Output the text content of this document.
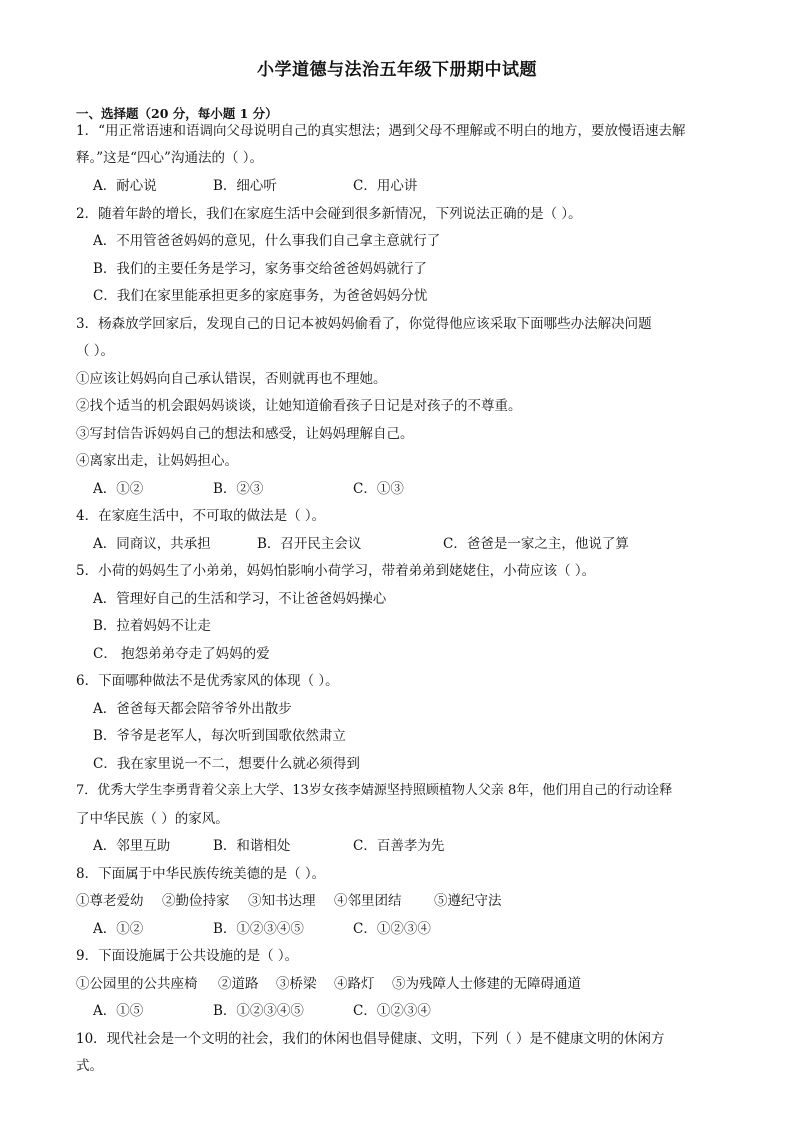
小学道德与法治五年级下册期中试题
一、选择题（20 分，每小题 1 分）
1．“用正常语速和语调向父母说明自己的真实想法；遇到父母不理解或不明白的地方，要放慢语速去解
释。”这是“四心”沟通法的（ ）。
A．耐心说	B．细心听	C．用心讲
2．随着年龄的增长，我们在家庭生活中会碰到很多新情况，下列说法正确的是（ ）。
A．不用管爸爸妈妈的意见，什么事我们自己拿主意就行了
B．我们的主要任务是学习，家务事交给爸爸妈妈就行了
C．我们在家里能承担更多的家庭事务，为爸爸妈妈分忧
3．杨森放学回家后，发现自己的日记本被妈妈偷看了，你觉得他应该采取下面哪些办法解决问题
（ ）。
①应该让妈妈向自己承认错误，否则就再也不理她。
②找个适当的机会跟妈妈谈谈，让她知道偷看孩子日记是对孩子的不尊重。
③写封信告诉妈妈自己的想法和感受，让妈妈理解自己。
④离家出走，让妈妈担心。
A．①②	B．②③	C．①③
4．在家庭生活中，不可取的做法是（ ）。
A．同商议，共承担	B．召开民主会议	C．爸爸是一家之主，他说了算
5．小荷的妈妈生了小弟弟，妈妈怕影响小荷学习，带着弟弟到姥姥住，小荷应该（ ）。
A．管理好自己的生活和学习，不让爸爸妈妈操心
B．拉着妈妈不让走
C． 抱怨弟弟夺走了妈妈的爱
6．下面哪种做法不是优秀家风的体现（ ）。
A．爸爸每天都会陪爷爷外出散步
B．爷爷是老军人，每次听到国歌依然肃立
C．我在家里说一不二，想要什么就必须得到
7．优秀大学生李勇背着父亲上大学、13岁女孩李婧源坚持照顾植物人父亲 8年，他们用自己的行动诠释
了中华民族（ ）的家风。
A．邻里互助	B．和谐相处	C．百善孝为先
8．下面属于中华民族传统美德的是（ ）。
①尊老爱幼 ②勤俭持家 ③知书达理 ④邻里团结 ⑤遵纪守法
A．①②	B．①②③④⑤	C．①②③④
9．下面设施属于公共设施的是（ ）。
①公园里的公共座椅 ②道路 ③桥梁 ④路灯 ⑤为残障人士修建的无障碍通道
A．①⑤	B．①②③④⑤	C．①②③④
10．现代社会是一个文明的社会，我们的休闲也倡导健康、文明，下列（ ）是不健康文明的休闲方
式。
